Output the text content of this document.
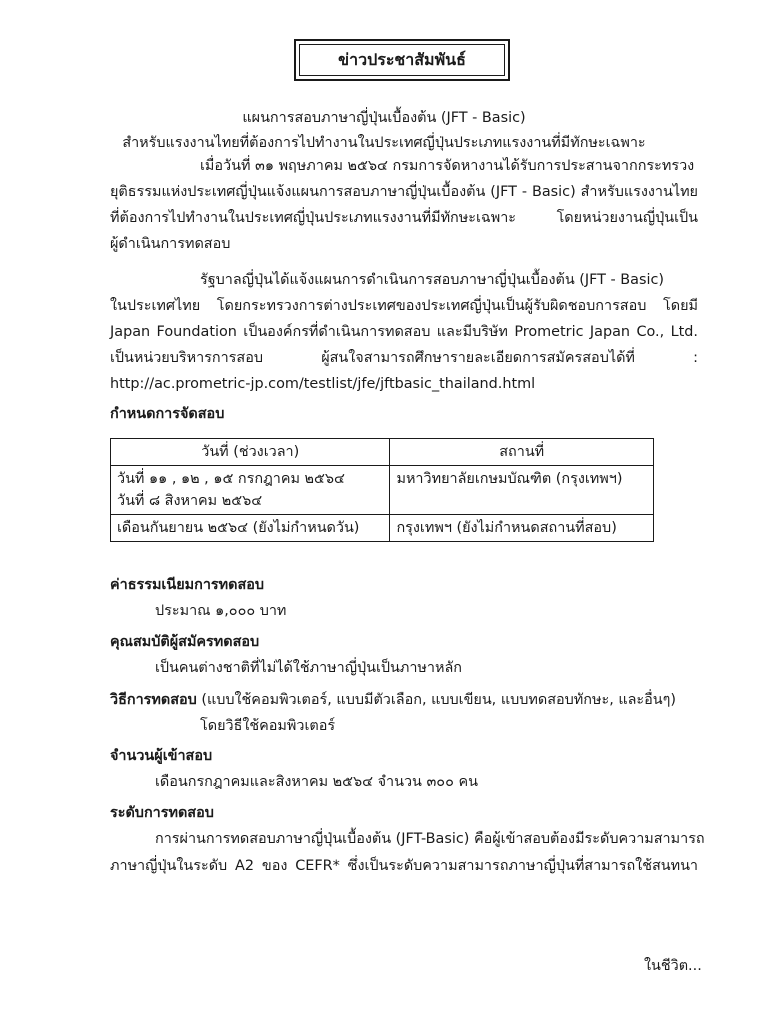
ข่าวประชาสัมพันธ์
แผนการสอบภาษาญี่ปุ่นเบื้องต้น (JFT - Basic)
สำหรับแรงงานไทยที่ต้องการไปทำงานในประเทศญี่ปุ่นประเภทแรงงานที่มีทักษะเฉพาะ
เมื่อวันที่ ๓๑ พฤษภาคม ๒๕๖๔ กรมการจัดหางานได้รับการประสานจากกระทรวง
ยุติธรรมแห่งประเทศญี่ปุ่นแจ้งแผนการสอบภาษาญี่ปุ่นเบื้องต้น (JFT - Basic) สำหรับแรงงานไทย
ที่ต้องการไปทำงานในประเทศญี่ปุ่นประเภทแรงงานที่มีทักษะเฉพาะ โดยหน่วยงานญี่ปุ่นเป็น
ผู้ดำเนินการทดสอบ
รัฐบาลญี่ปุ่นได้แจ้งแผนการดำเนินการสอบภาษาญี่ปุ่นเบื้องต้น (JFT - Basic)
ในประเทศไทย โดยกระทรวงการต่างประเทศของประเทศญี่ปุ่นเป็นผู้รับผิดชอบการสอบ โดยมี
Japan Foundation เป็นองค์กรที่ดำเนินการทดสอบ และมีบริษัท Prometric Japan Co., Ltd.
เป็นหน่วยบริหารการสอบ ผู้สนใจสามารถศึกษารายละเอียดการสมัครสอบได้ที่ :
http://ac.prometric-jp.com/testlist/jfe/jftbasic_thailand.html
กำหนดการจัดสอบ
วันที่ (ช่วงเวลา)	สถานที่

วันที่ ๑๑ , ๑๒ , ๑๕ กรกฎาคม ๒๕๖๔
วันที่ ๘ สิงหาคม ๒๕๖๔	มหาวิทยาลัยเกษมบัณฑิต (กรุงเทพฯ)

เดือนกันยายน ๒๕๖๔ (ยังไม่กำหนดวัน)	กรุงเทพฯ (ยังไม่กำหนดสถานที่สอบ)
ค่าธรรมเนียมการทดสอบ
ประมาณ ๑,๐๐๐ บาท
คุณสมบัติผู้สมัครทดสอบ
เป็นคนต่างชาติที่ไม่ได้ใช้ภาษาญี่ปุ่นเป็นภาษาหลัก
วิธีการทดสอบ (แบบใช้คอมพิวเตอร์, แบบมีตัวเลือก, แบบเขียน, แบบทดสอบทักษะ, และอื่นๆ)
โดยวิธีใช้คอมพิวเตอร์
จำนวนผู้เข้าสอบ
เดือนกรกฎาคมและสิงหาคม ๒๕๖๔ จำนวน ๓๐๐ คน
ระดับการทดสอบ
การผ่านการทดสอบภาษาญี่ปุ่นเบื้องต้น (JFT-Basic) คือผู้เข้าสอบต้องมีระดับความสามารถ
ภาษาญี่ปุ่นในระดับ A2 ของ CEFR* ซึ่งเป็นระดับความสามารถภาษาญี่ปุ่นที่สามารถใช้สนทนา
ในชีวิต...
